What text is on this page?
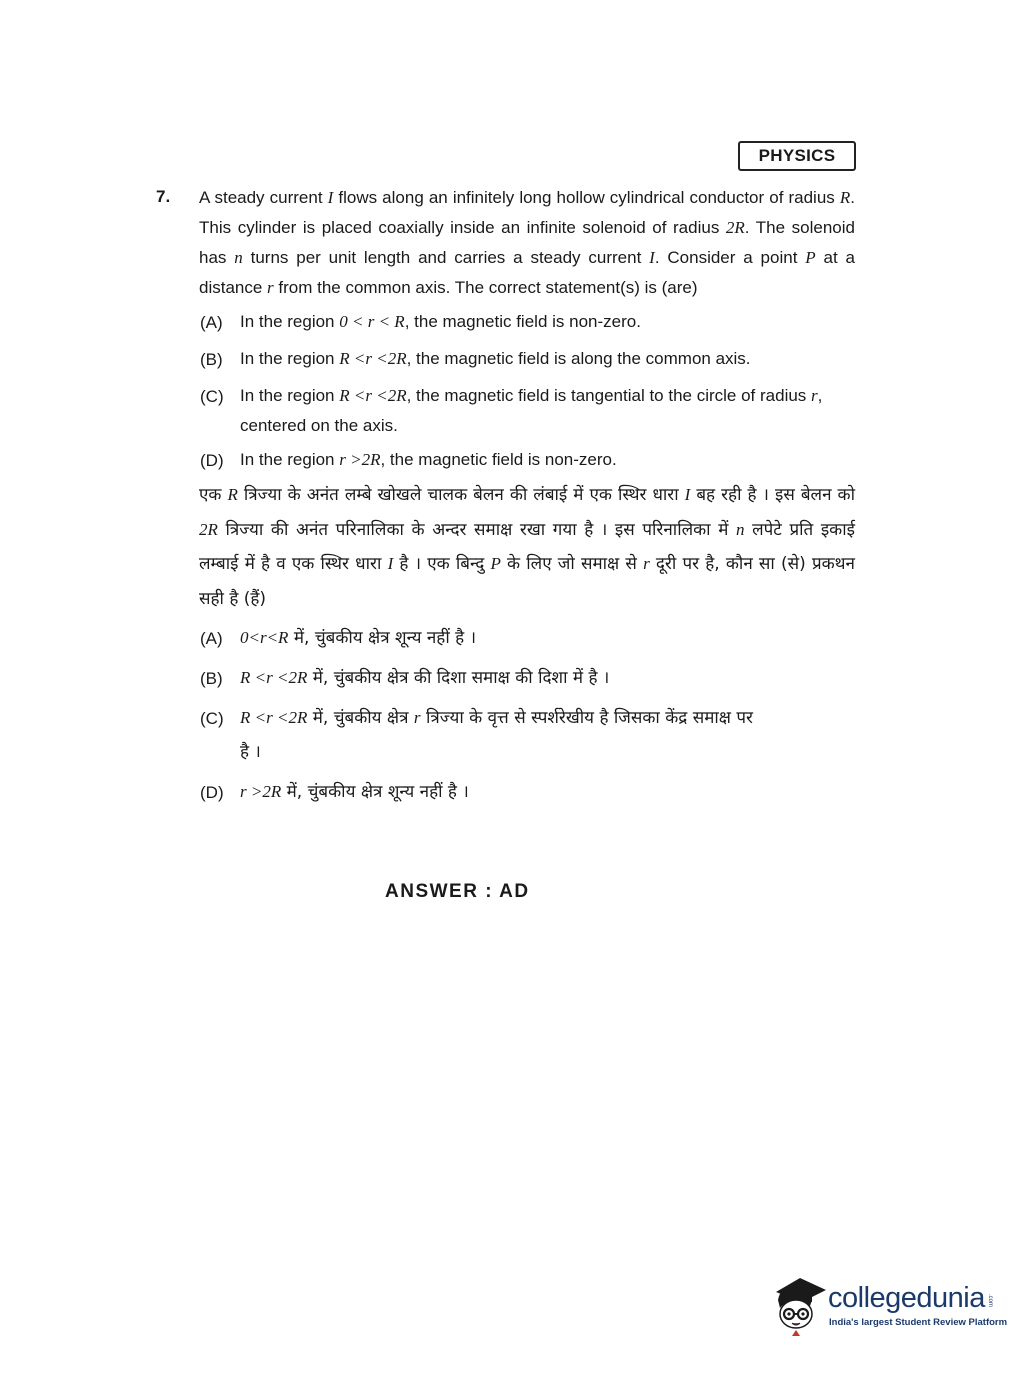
PHYSICS
7. A steady current I flows along an infinitely long hollow cylindrical conductor of radius R. This cylinder is placed coaxially inside an infinite solenoid of radius 2R. The solenoid has n turns per unit length and carries a steady current I. Consider a point P at a distance r from the common axis. The correct statement(s) is (are)
(A)	In the region 0 < r < R, the magnetic field is non-zero.
(B)	In the region R <r <2R, the magnetic field is along the common axis.
(C) In the region R <r <2R, the magnetic field is tangential to the circle of radius r,
centered on the axis.
(D) In the region r >2R, the magnetic field is non-zero.
एक R त्रिज्या के अनंत लम्बे खोखले चालक बेलन की लंबाई में एक स्थिर धारा I बह रही है । इस बेलन को 2R त्रिज्या की अनंत परिनालिका के अन्दर समाक्ष रखा गया है । इस परिनालिका में n लपेटे प्रति इकाई लम्बाई में है व एक स्थिर धारा I है । एक बिन्दु P के लिए जो समाक्ष से r दूरी पर है, कौन सा (से) प्रकथन सही है (हैं)
(A)	0<r<R में, चुंबकीय क्षेत्र शून्य नहीं है ।
(B)	R <r <2R में, चुंबकीय क्षेत्र की दिशा समाक्ष की दिशा में है ।
(C) R <r <2R में, चुंबकीय क्षेत्र r त्रिज्या के वृत्त से स्पर्शरेखीय है जिसका केंद्र समाक्ष पर
है ।
(D) r >2R में, चुंबकीय क्षेत्र शून्य नहीं है ।
ANSWER : AD
collegedunia .com
India's largest Student Review Platform
